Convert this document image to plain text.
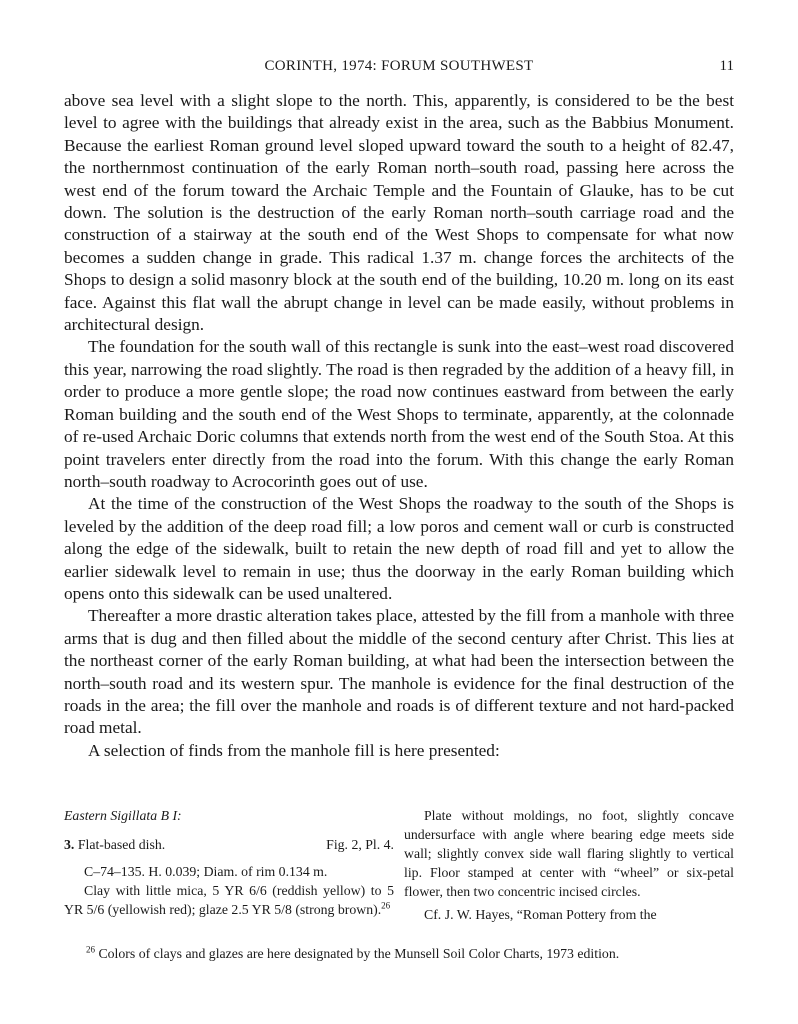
CORINTH, 1974: FORUM SOUTHWEST	11

above sea level with a slight slope to the north. This, apparently, is considered to be the best level to agree with the buildings that already exist in the area, such as the Babbius Monument. Because the earliest Roman ground level sloped upward toward the south to a height of 82.47, the northernmost continuation of the early Roman north–south road, passing here across the west end of the forum toward the Archaic Temple and the Fountain of Glauke, has to be cut down. The solution is the destruction of the early Roman north–south carriage road and the construction of a stairway at the south end of the West Shops to compensate for what now becomes a sudden change in grade. This radical 1.37 m. change forces the architects of the Shops to design a solid masonry block at the south end of the building, 10.20 m. long on its east face. Against this flat wall the abrupt change in level can be made easily, without problems in architectural design.

The foundation for the south wall of this rectangle is sunk into the east–west road discovered this year, narrowing the road slightly. The road is then regraded by the addition of a heavy fill, in order to produce a more gentle slope; the road now continues eastward from between the early Roman building and the south end of the West Shops to terminate, apparently, at the colonnade of re-used Archaic Doric columns that extends north from the west end of the South Stoa. At this point travelers enter directly from the road into the forum. With this change the early Roman north–south roadway to Acrocorinth goes out of use.

At the time of the construction of the West Shops the roadway to the south of the Shops is leveled by the addition of the deep road fill; a low poros and cement wall or curb is constructed along the edge of the sidewalk, built to retain the new depth of road fill and yet to allow the earlier sidewalk level to remain in use; thus the doorway in the early Roman building which opens onto this sidewalk can be used unaltered.

Thereafter a more drastic alteration takes place, attested by the fill from a manhole with three arms that is dug and then filled about the middle of the second century after Christ. This lies at the northeast corner of the early Roman building, at what had been the intersection between the north–south road and its western spur. The manhole is evidence for the final destruction of the roads in the area; the fill over the manhole and roads is of different texture and not hard-packed road metal.

A selection of finds from the manhole fill is here presented:

Eastern Sigillata B I:

3. Flat-based dish.	Fig. 2, Pl. 4.

C–74–135. H. 0.039; Diam. of rim 0.134 m.

Clay with little mica, 5 YR 6/6 (reddish yellow) to 5 YR 5/6 (yellowish red); glaze 2.5 YR 5/8 (strong brown).$^{26}$

Plate without moldings, no foot, slightly concave undersurface with angle where bearing edge meets side wall; slightly convex side wall flaring slightly to vertical lip. Floor stamped at center with “wheel” or six-petal flower, then two concentric incised circles.

Cf. J. W. Hayes, “Roman Pottery from the

$^{26}$ Colors of clays and glazes are here designated by the Munsell Soil Color Charts, 1973 edition.
